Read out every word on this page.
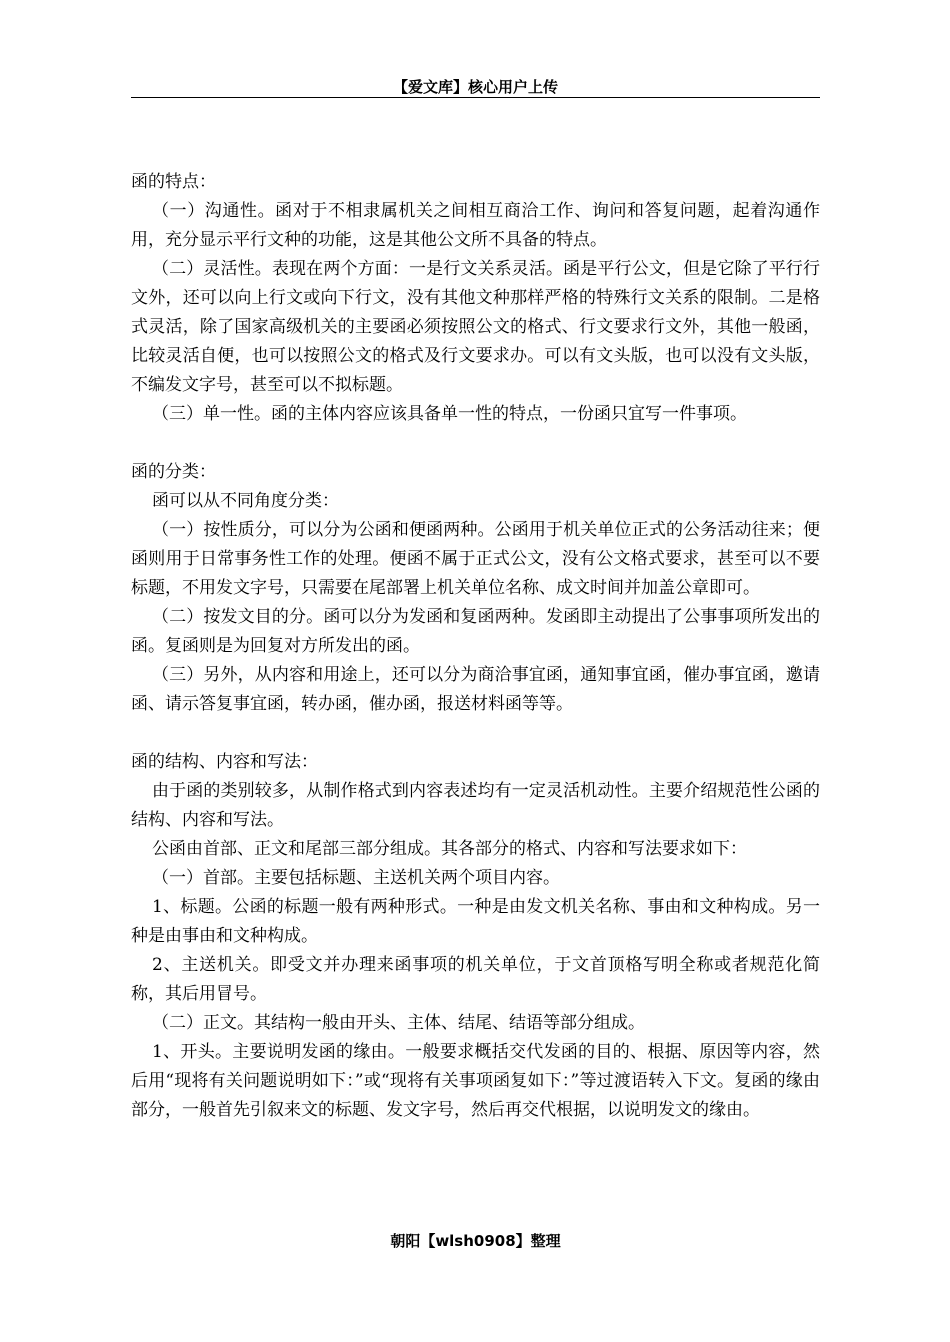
【爱文库】核心用户上传

函的特点：

（一）沟通性。函对于不相隶属机关之间相互商洽工作、询问和答复问题，起着沟通作用，充分显示平行文种的功能，这是其他公文所不具备的特点。

（二）灵活性。表现在两个方面：一是行文关系灵活。函是平行公文，但是它除了平行行文外，还可以向上行文或向下行文，没有其他文种那样严格的特殊行文关系的限制。二是格式灵活，除了国家高级机关的主要函必须按照公文的格式、行文要求行文外，其他一般函，比较灵活自便，也可以按照公文的格式及行文要求办。可以有文头版，也可以没有文头版，不编发文字号，甚至可以不拟标题。

（三）单一性。函的主体内容应该具备单一性的特点，一份函只宜写一件事项。

函的分类：

函可以从不同角度分类：

（一）按性质分，可以分为公函和便函两种。公函用于机关单位正式的公务活动往来；便函则用于日常事务性工作的处理。便函不属于正式公文，没有公文格式要求，甚至可以不要标题，不用发文字号，只需要在尾部署上机关单位名称、成文时间并加盖公章即可。

（二）按发文目的分。函可以分为发函和复函两种。发函即主动提出了公事事项所发出的函。复函则是为回复对方所发出的函。

（三）另外，从内容和用途上，还可以分为商洽事宜函，通知事宜函，催办事宜函，邀请函、请示答复事宜函，转办函，催办函，报送材料函等等。

函的结构、内容和写法：

由于函的类别较多，从制作格式到内容表述均有一定灵活机动性。主要介绍规范性公函的结构、内容和写法。

公函由首部、正文和尾部三部分组成。其各部分的格式、内容和写法要求如下：

（一）首部。主要包括标题、主送机关两个项目内容。

1、标题。公函的标题一般有两种形式。一种是由发文机关名称、事由和文种构成。另一种是由事由和文种构成。

2、主送机关。即受文并办理来函事项的机关单位，于文首顶格写明全称或者规范化简称，其后用冒号。

（二）正文。其结构一般由开头、主体、结尾、结语等部分组成。

1、开头。主要说明发函的缘由。一般要求概括交代发函的目的、根据、原因等内容，然后用“现将有关问题说明如下：”或“现将有关事项函复如下：”等过渡语转入下文。复函的缘由部分，一般首先引叙来文的标题、发文字号，然后再交代根据，以说明发文的缘由。

朝阳【wlsh0908】整理
